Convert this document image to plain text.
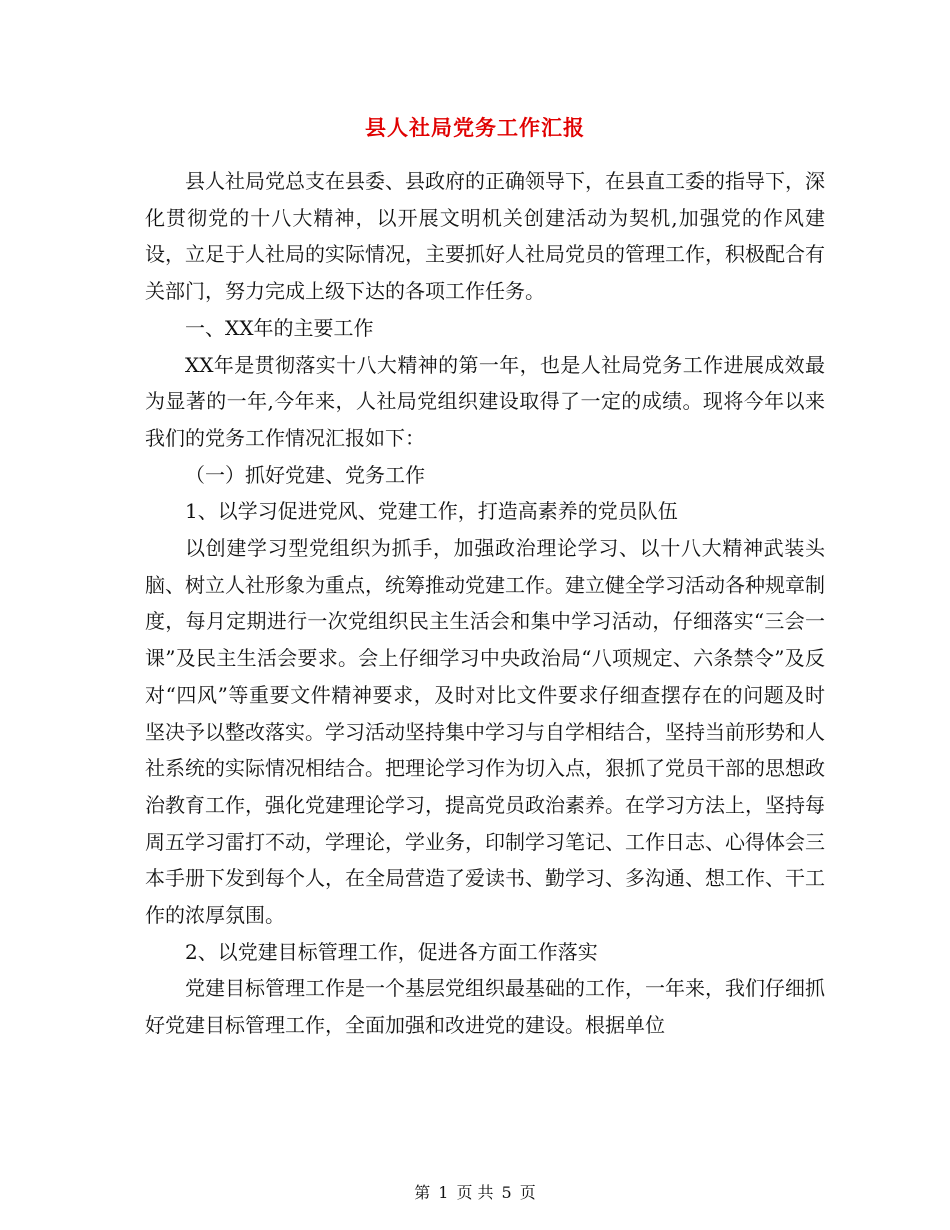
县人社局党务工作汇报

县人社局党总支在县委、县政府的正确领导下，在县直工委的指导下，深化贯彻党的十八大精神，以开展文明机关创建活动为契机,加强党的作风建设，立足于人社局的实际情况，主要抓好人社局党员的管理工作，积极配合有关部门，努力完成上级下达的各项工作任务。

一、XX年的主要工作

XX年是贯彻落实十八大精神的第一年，也是人社局党务工作进展成效最为显著的一年,今年来，人社局党组织建设取得了一定的成绩。现将今年以来我们的党务工作情况汇报如下：

（一）抓好党建、党务工作

1、以学习促进党风、党建工作，打造高素养的党员队伍

以创建学习型党组织为抓手，加强政治理论学习、以十八大精神武装头脑、树立人社形象为重点，统筹推动党建工作。建立健全学习活动各种规章制度，每月定期进行一次党组织民主生活会和集中学习活动，仔细落实“三会一课”及民主生活会要求。会上仔细学习中央政治局“八项规定、六条禁令”及反对“四风”等重要文件精神要求，及时对比文件要求仔细查摆存在的问题及时坚决予以整改落实。学习活动坚持集中学习与自学相结合，坚持当前形势和人社系统的实际情况相结合。把理论学习作为切入点，狠抓了党员干部的思想政治教育工作，强化党建理论学习，提高党员政治素养。在学习方法上，坚持每周五学习雷打不动，学理论，学业务，印制学习笔记、工作日志、心得体会三本手册下发到每个人，在全局营造了爱读书、勤学习、多沟通、想工作、干工作的浓厚氛围。

2、以党建目标管理工作，促进各方面工作落实

党建目标管理工作是一个基层党组织最基础的工作，一年来，我们仔细抓好党建目标管理工作，全面加强和改进党的建设。根据单位

第 1 页 共 5 页
